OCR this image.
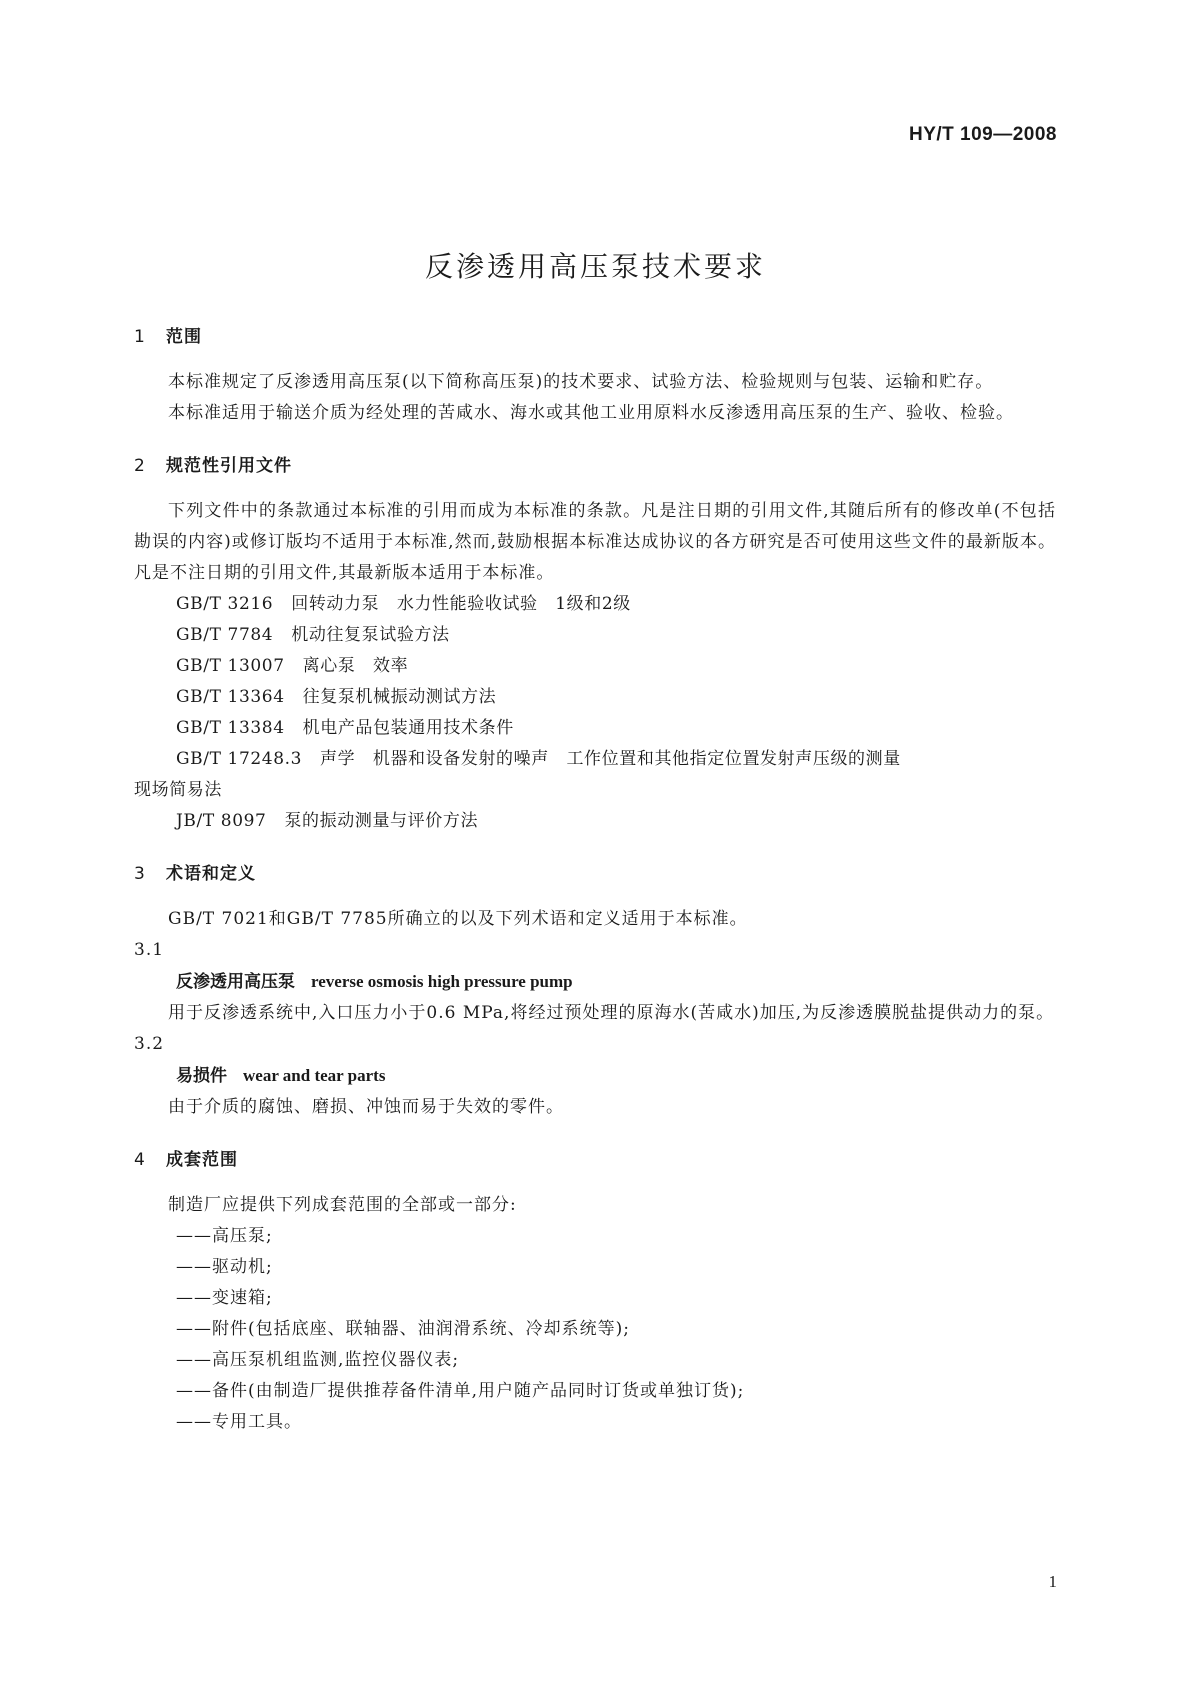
HY/T 109—2008
反渗透用高压泵技术要求
1	范围

本标准规定了反渗透用高压泵(以下简称高压泵)的技术要求、试验方法、检验规则与包装、运输和贮存。

本标准适用于输送介质为经处理的苦咸水、海水或其他工业用原料水反渗透用高压泵的生产、验收、检验。

2	规范性引用文件

下列文件中的条款通过本标准的引用而成为本标准的条款。凡是注日期的引用文件,其随后所有的修改单(不包括勘误的内容)或修订版均不适用于本标准,然而,鼓励根据本标准达成协议的各方研究是否可使用这些文件的最新版本。凡是不注日期的引用文件,其最新版本适用于本标准。

GB/T 3216 回转动力泵　水力性能验收试验　1级和2级

GB/T 7784 机动往复泵试验方法

GB/T 13007 离心泵　效率

GB/T 13364 往复泵机械振动测试方法

GB/T 13384 机电产品包装通用技术条件

GB/T 17248.3 声学　机器和设备发射的噪声　工作位置和其他指定位置发射声压级的测量

现场简易法

JB/T 8097 泵的振动测量与评价方法

3	术语和定义

GB/T 7021和GB/T 7785所确立的以及下列术语和定义适用于本标准。

3.1

反渗透用高压泵 reverse osmosis high pressure pump

用于反渗透系统中,入口压力小于0.6 MPa,将经过预处理的原海水(苦咸水)加压,为反渗透膜脱盐提供动力的泵。

3.2

易损件 wear and tear parts

由于介质的腐蚀、磨损、冲蚀而易于失效的零件。

4	成套范围

制造厂应提供下列成套范围的全部或一部分:

——高压泵;

——驱动机;

——变速箱;

——附件(包括底座、联轴器、油润滑系统、冷却系统等);

——高压泵机组监测,监控仪器仪表;

——备件(由制造厂提供推荐备件清单,用户随产品同时订货或单独订货);

——专用工具。

1
